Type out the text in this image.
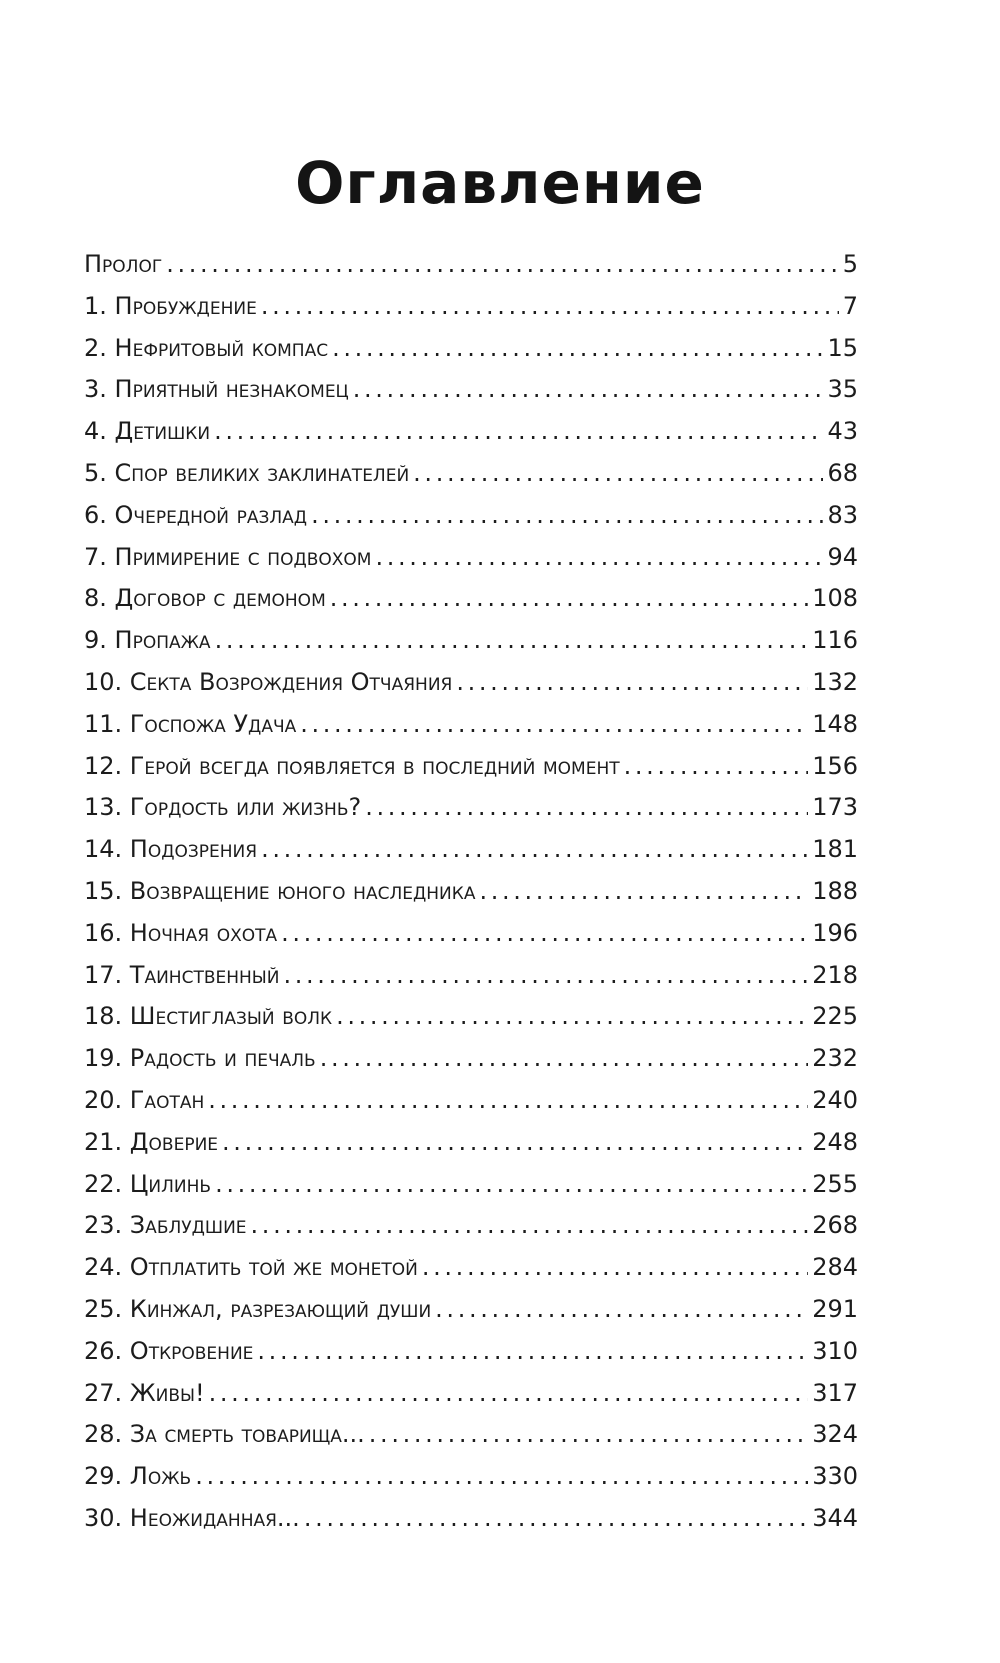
Оглавление
Пролог . . .	5
1. Пробуждение . . .	7
2. Нефритовый компас . . .	15
3. Приятный незнакомец . . .	35
4. Детишки . . .	43
5. Спор великих заклинателей . . .	68
6. Очередной разлад . . .	83
7. Примирение с подвохом . . .	94
8. Договор с демоном . . .	108
9. Пропажа . . .	116
10. Секта Возрождения Отчаяния . . .	132
11. Госпожа Удача . . .	148
12. Герой всегда появляется в последний момент . . .	156
13. Гордость или жизнь? . . .	173
14. Подозрения . . .	181
15. Возвращение юного наследника . . .	188
16. Ночная охота . . .	196
17. Таинственный . . .	218
18. Шестиглазый волк . . .	225
19. Радость и печаль . . .	232
20. Гаотан . . .	240
21. Доверие . . .	248
22. Цилинь . . .	255
23. Заблудшие . . .	268
24. Отплатить той же монетой . . .	284
25. Кинжал, разрезающий души . . .	291
26. Откровение . . .	310
27. Живы! . . .	317
28. За смерть товарища... . . .	324
29. Ложь . . .	330
30. Неожиданная... . . .	344
